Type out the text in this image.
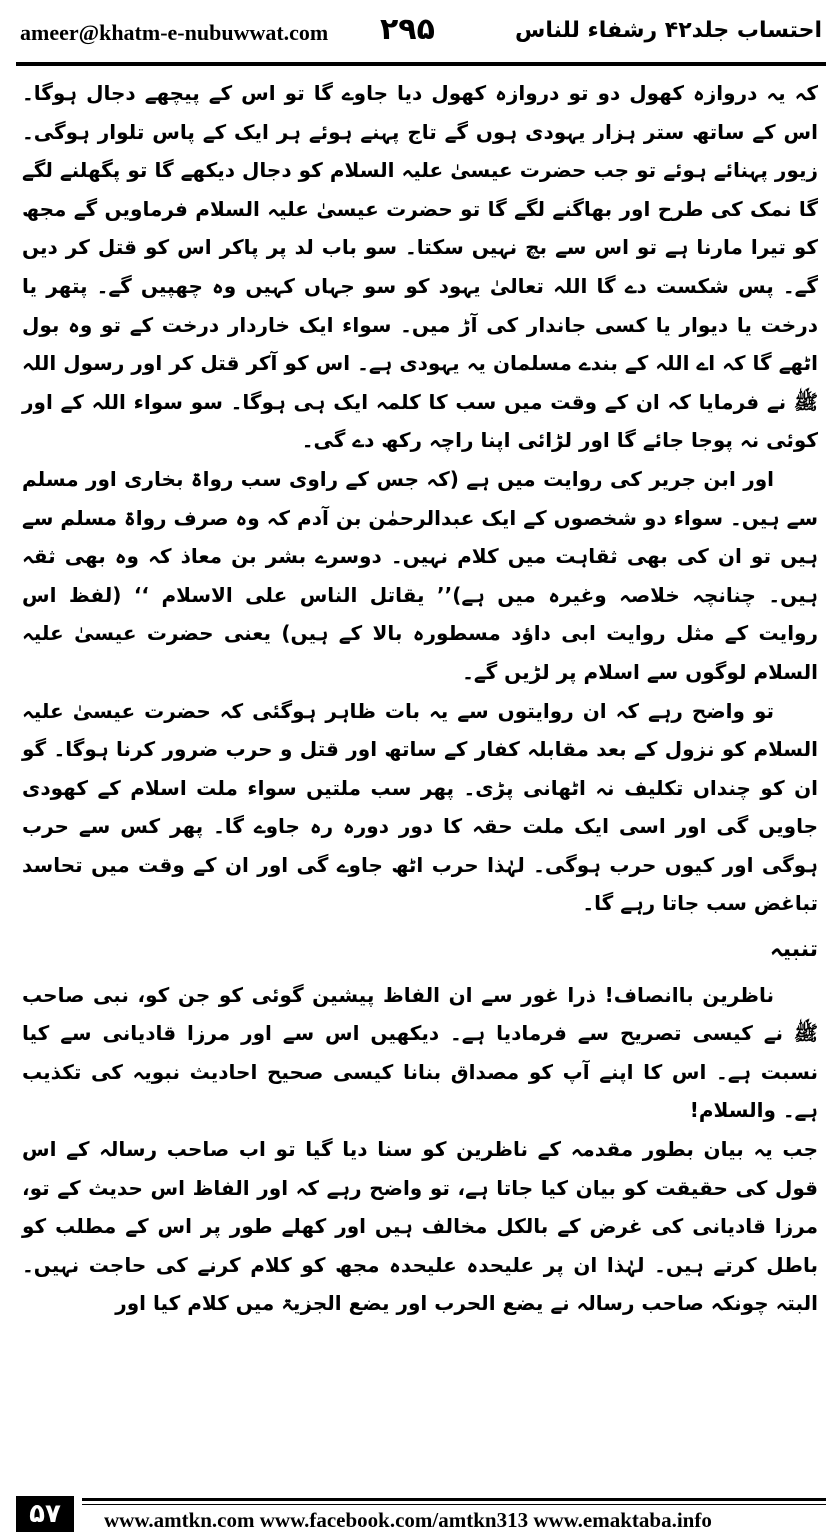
ameer@khatm-e-nubuwwat.com ۲۹۵	احتساب جلد۴۲ رشفاء للناس

کہ یہ دروازہ کھول دو تو دروازہ کھول دیا جاوے گا تو اس کے پیچھے دجال ہوگا۔ اس کے ساتھ ستر ہزار یہودی ہوں گے تاج پہنے ہوئے ہر ایک کے پاس تلوار ہوگی۔ زیور پہنائے ہوئے تو جب حضرت عیسیٰ علیہ السلام کو دجال دیکھے گا تو پگھلنے لگے گا نمک کی طرح اور بھاگنے لگے گا تو حضرت عیسیٰ علیہ السلام فرماویں گے مجھ کو تیرا مارنا ہے تو اس سے بچ نہیں سکتا۔ سو باب لد پر پاکر اس کو قتل کر دیں گے۔ پس شکست دے گا اللہ تعالیٰ یہود کو سو جہاں کہیں وہ چھپیں گے۔ پتھر یا درخت یا دیوار یا کسی جاندار کی آڑ میں۔ سواء ایک خاردار درخت کے تو وہ بول اٹھے گا کہ اے اللہ کے بندے مسلمان یہ یہودی ہے۔ اس کو آکر قتل کر اور رسول اللہ ﷺ نے فرمایا کہ ان کے وقت میں سب کا کلمہ ایک ہی ہوگا۔ سو سواء اللہ کے اور کوئی نہ پوجا جائے گا اور لڑائی اپنا راچہ رکھ دے گی۔

اور ابن جریر کی روایت میں ہے (کہ جس کے راوی سب رواۃ بخاری اور مسلم سے ہیں۔ سواء دو شخصوں کے ایک عبدالرحمٰن بن آدم کہ وہ صرف رواۃ مسلم سے ہیں تو ان کی بھی ثقاہت میں کلام نہیں۔ دوسرے بشر بن معاذ کہ وہ بھی ثقہ ہیں۔ چنانچہ خلاصہ وغیرہ میں ہے)’’ یقاتل الناس علی الاسلام ‘‘ (لفظ اس روایت کے مثل روایت ابی داؤد مسطورہ بالا کے ہیں) یعنی حضرت عیسیٰ علیہ السلام لوگوں سے اسلام پر لڑیں گے۔

تو واضح رہے کہ ان روایتوں سے یہ بات ظاہر ہوگئی کہ حضرت عیسیٰ علیہ السلام کو نزول کے بعد مقابلہ کفار کے ساتھ اور قتل و حرب ضرور کرنا ہوگا۔ گو ان کو چنداں تکلیف نہ اٹھانی پڑی۔ پھر سب ملتیں سواء ملت اسلام کے کھودی جاویں گی اور اسی ایک ملت حقہ کا دور دورہ رہ جاوے گا۔ پھر کس سے حرب ہوگی اور کیوں حرب ہوگی۔ لہٰذا حرب اٹھ جاوے گی اور ان کے وقت میں تحاسد تباغض سب جاتا رہے گا۔

تنبیہ

ناظرین باانصاف! ذرا غور سے ان الفاظ پیشین گوئی کو جن کو، نبی صاحب ﷺ نے کیسی تصریح سے فرمادیا ہے۔ دیکھیں اس سے اور مرزا قادیانی سے کیا نسبت ہے۔ اس کا اپنے آپ کو مصداق بنانا کیسی صحیح احادیث نبویہ کی تکذیب ہے۔ والسلام!

جب یہ بیان بطور مقدمہ کے ناظرین کو سنا دیا گیا تو اب صاحب رسالہ کے اس قول کی حقیقت کو بیان کیا جاتا ہے، تو واضح رہے کہ اور الفاظ اس حدیث کے تو، مرزا قادیانی کی غرض کے بالکل مخالف ہیں اور کھلے طور پر اس کے مطلب کو باطل کرتے ہیں۔ لہٰذا ان پر علیحدہ علیحدہ مجھ کو کلام کرنے کی حاجت نہیں۔ البتہ چونکہ صاحب رسالہ نے یضع الحرب اور یضع الجزیۃ میں کلام کیا اور

۵۷	www.amtkn.com www.facebook.com/amtkn313 www.emaktaba.info
